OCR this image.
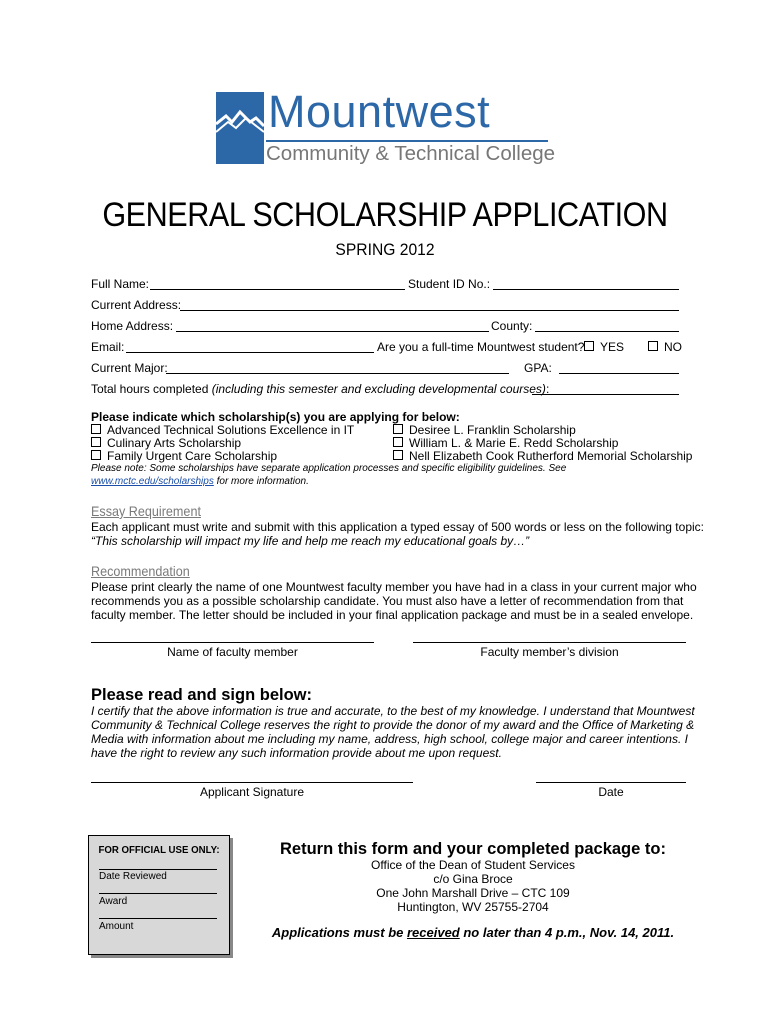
Mountwest
Community & Technical College
GENERAL SCHOLARSHIP APPLICATION
SPRING 2012
Full Name:	Student ID No.:
Current Address:
Home Address:	County:
Email:	Are you a full-time Mountwest student?	YES	NO
Current Major:	GPA:
Total hours completed (including this semester and excluding developmental courses):
Please indicate which scholarship(s) you are applying for below:
Advanced Technical Solutions Excellence in IT
Culinary Arts Scholarship
Family Urgent Care Scholarship
Desiree L. Franklin Scholarship
William L. & Marie E. Redd Scholarship
Nell Elizabeth Cook Rutherford Memorial Scholarship
Please note: Some scholarships have separate application processes and specific eligibility guidelines. See
www.mctc.edu/scholarships for more information.
Essay Requirement
Each applicant must write and submit with this application a typed essay of 500 words or less on the following topic:
“This scholarship will impact my life and help me reach my educational goals by…”
Recommendation
Please print clearly the name of one Mountwest faculty member you have had in a class in your current major who
recommends you as a possible scholarship candidate. You must also have a letter of recommendation from that
faculty member. The letter should be included in your final application package and must be in a sealed envelope.
Name of faculty member	Faculty member’s division
Please read and sign below:
I certify that the above information is true and accurate, to the best of my knowledge. I understand that Mountwest
Community & Technical College reserves the right to provide the donor of my award and the Office of Marketing &
Media with information about me including my name, address, high school, college major and career intentions. I
have the right to review any such information provide about me upon request.
Applicant Signature	Date
FOR OFFICIAL USE ONLY:
Date Reviewed
Award
Amount
Return this form and your completed package to:
Office of the Dean of Student Services
c/o Gina Broce
One John Marshall Drive – CTC 109
Huntington, WV 25755-2704
Applications must be received no later than 4 p.m., Nov. 14, 2011.
